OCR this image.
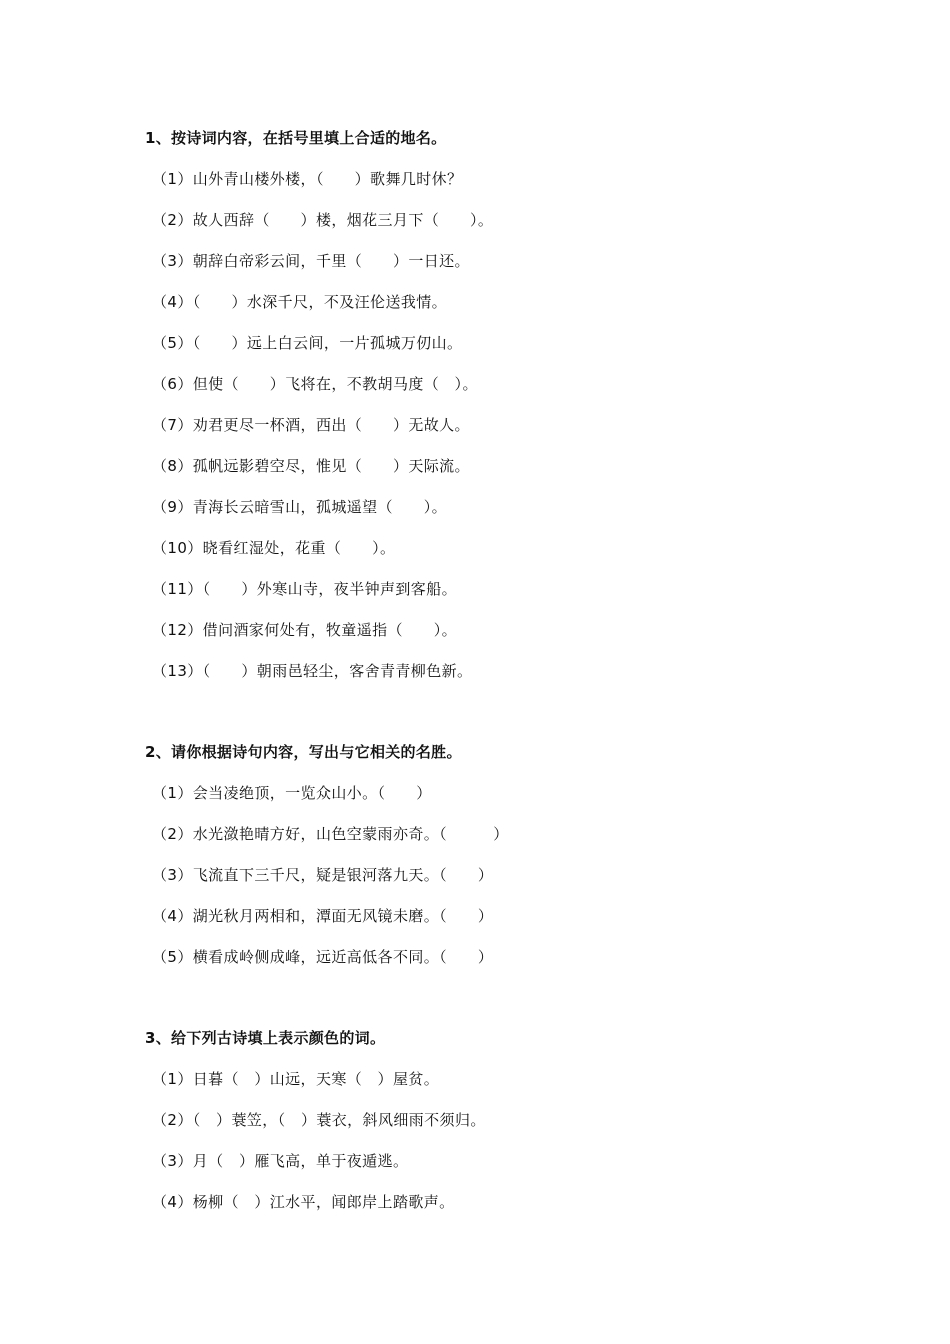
1、按诗词内容，在括号里填上合适的地名。
（1）山外青山楼外楼，（　　）歌舞几时休？
（2）故人西辞（　　）楼，烟花三月下（　　）。
（3）朝辞白帝彩云间，千里（　　）一日还。
（4）（　　）水深千尺，不及汪伦送我情。
（5）（　　）远上白云间，一片孤城万仞山。
（6）但使（　　）飞将在，不教胡马度（　）。
（7）劝君更尽一杯酒，西出（　　）无故人。
（8）孤帆远影碧空尽，惟见（　　）天际流。
（9）青海长云暗雪山，孤城遥望（　　）。
（10）晓看红湿处，花重（　　）。
（11）（　　）外寒山寺，夜半钟声到客船。
（12）借问酒家何处有，牧童遥指（　　）。
（13）（　　）朝雨邑轻尘，客舍青青柳色新。
2、请你根据诗句内容，写出与它相关的名胜。
（1）会当凌绝顶，一览众山小。（　　）
（2）水光潋艳晴方好，山色空蒙雨亦奇。（　　　）
（3）飞流直下三千尺，疑是银河落九天。（　　）
（4）湖光秋月两相和，潭面无风镜未磨。（　　）
（5）横看成岭侧成峰，远近高低各不同。（　　）
3、给下列古诗填上表示颜色的词。
（1）日暮（　）山远，天寒（　）屋贫。
（2）（　）蓑笠，（　）蓑衣，斜风细雨不须归。
（3）月（　）雁飞高，单于夜遁逃。
（4）杨柳（　）江水平，闻郎岸上踏歌声。
